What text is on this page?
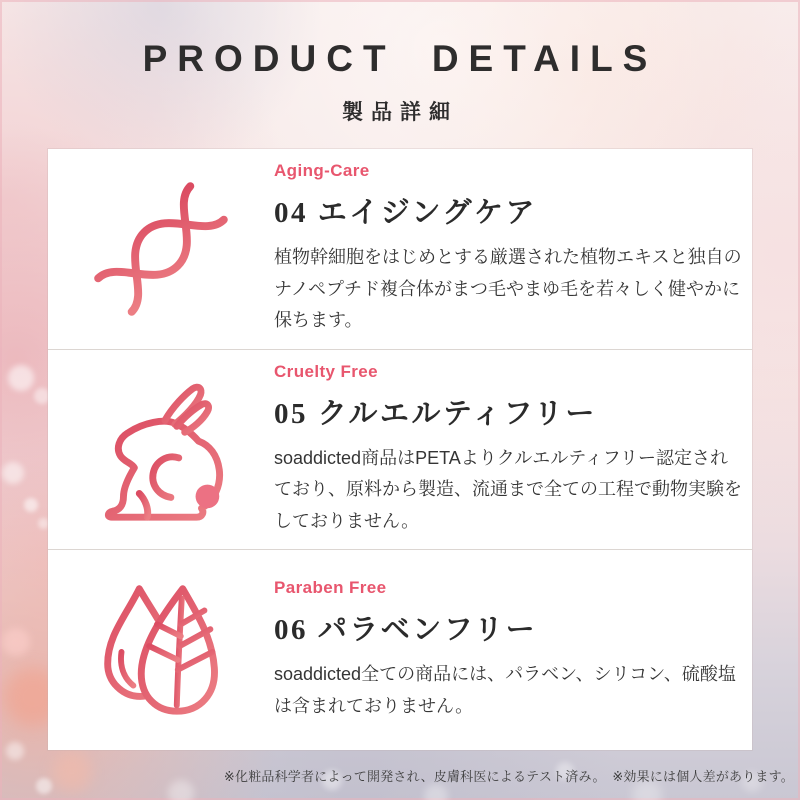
PRODUCT DETAILS
製品詳細
Aging-Care
04 エイジングケア

植物幹細胞をはじめとする厳選された植物エキスと独自のナノペプチド複合体がまつ毛やまゆ毛を若々しく健やかに保ちます。

Cruelty Free
05 クルエルティフリー

soaddicted商品はPETAよりクルエルティフリー認定されており、原料から製造、流通まで全ての工程で動物実験をしておりません。

Paraben Free
06 パラベンフリー

soaddicted全ての商品には、パラベン、シリコン、硫酸塩は含まれておりません。

※化粧品科学者によって開発され、皮膚科医によるテスト済み。　※効果には個人差があります。
